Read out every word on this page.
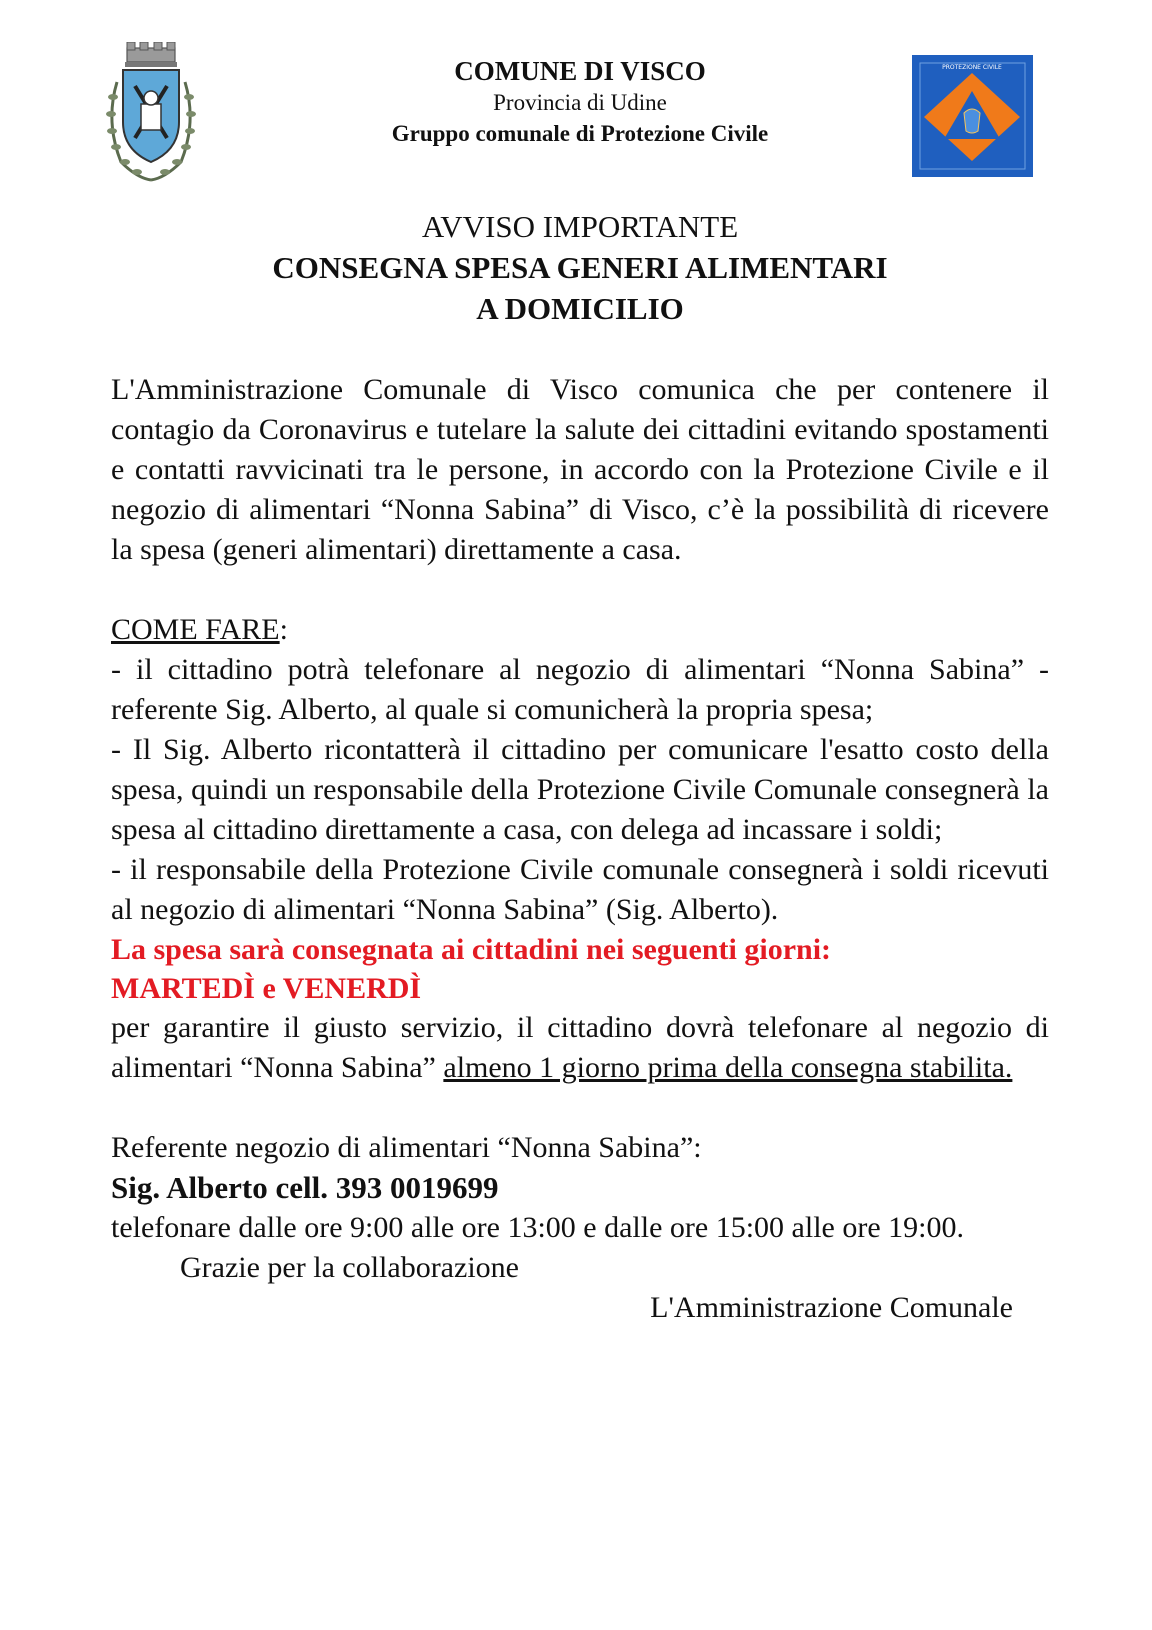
COMUNE DI VISCO
Provincia di Udine
Gruppo comunale di Protezione Civile
PROTEZIONE CIVILE
AVVISO IMPORTANTE
CONSEGNA SPESA GENERI ALIMENTARI
A DOMICILIO

L'Amministrazione Comunale di Visco comunica che per contenere il contagio da Coronavirus e tutelare la salute dei cittadini evitando spostamenti e contatti ravvicinati tra le persone, in accordo con la Protezione Civile e il negozio di alimentari “Nonna Sabina” di Visco, c’è la possibilità di ricevere la spesa (generi alimentari) direttamente a casa.

COME FARE:

- il cittadino potrà telefonare al negozio di alimentari “Nonna Sabina” - referente Sig. Alberto, al quale si comunicherà la propria spesa;

- Il Sig. Alberto ricontatterà il cittadino per comunicare l'esatto costo della spesa, quindi un responsabile della Protezione Civile Comunale consegnerà la spesa al cittadino direttamente a casa, con delega ad incassare i soldi;

- il responsabile della Protezione Civile comunale consegnerà i soldi ricevuti al negozio di alimentari “Nonna Sabina” (Sig. Alberto).

La spesa sarà consegnata ai cittadini nei seguenti giorni:
MARTEDÌ e VENERDÌ

per garantire il giusto servizio, il cittadino dovrà telefonare al negozio di alimentari “Nonna Sabina” almeno 1 giorno prima della consegna stabilita.

Referente negozio di alimentari “Nonna Sabina”:
Sig. Alberto cell. 393 0019699

telefonare dalle ore 9:00 alle ore 13:00 e dalle ore 15:00 alle ore 19:00.

Grazie per la collaborazione
L'Amministrazione Comunale
